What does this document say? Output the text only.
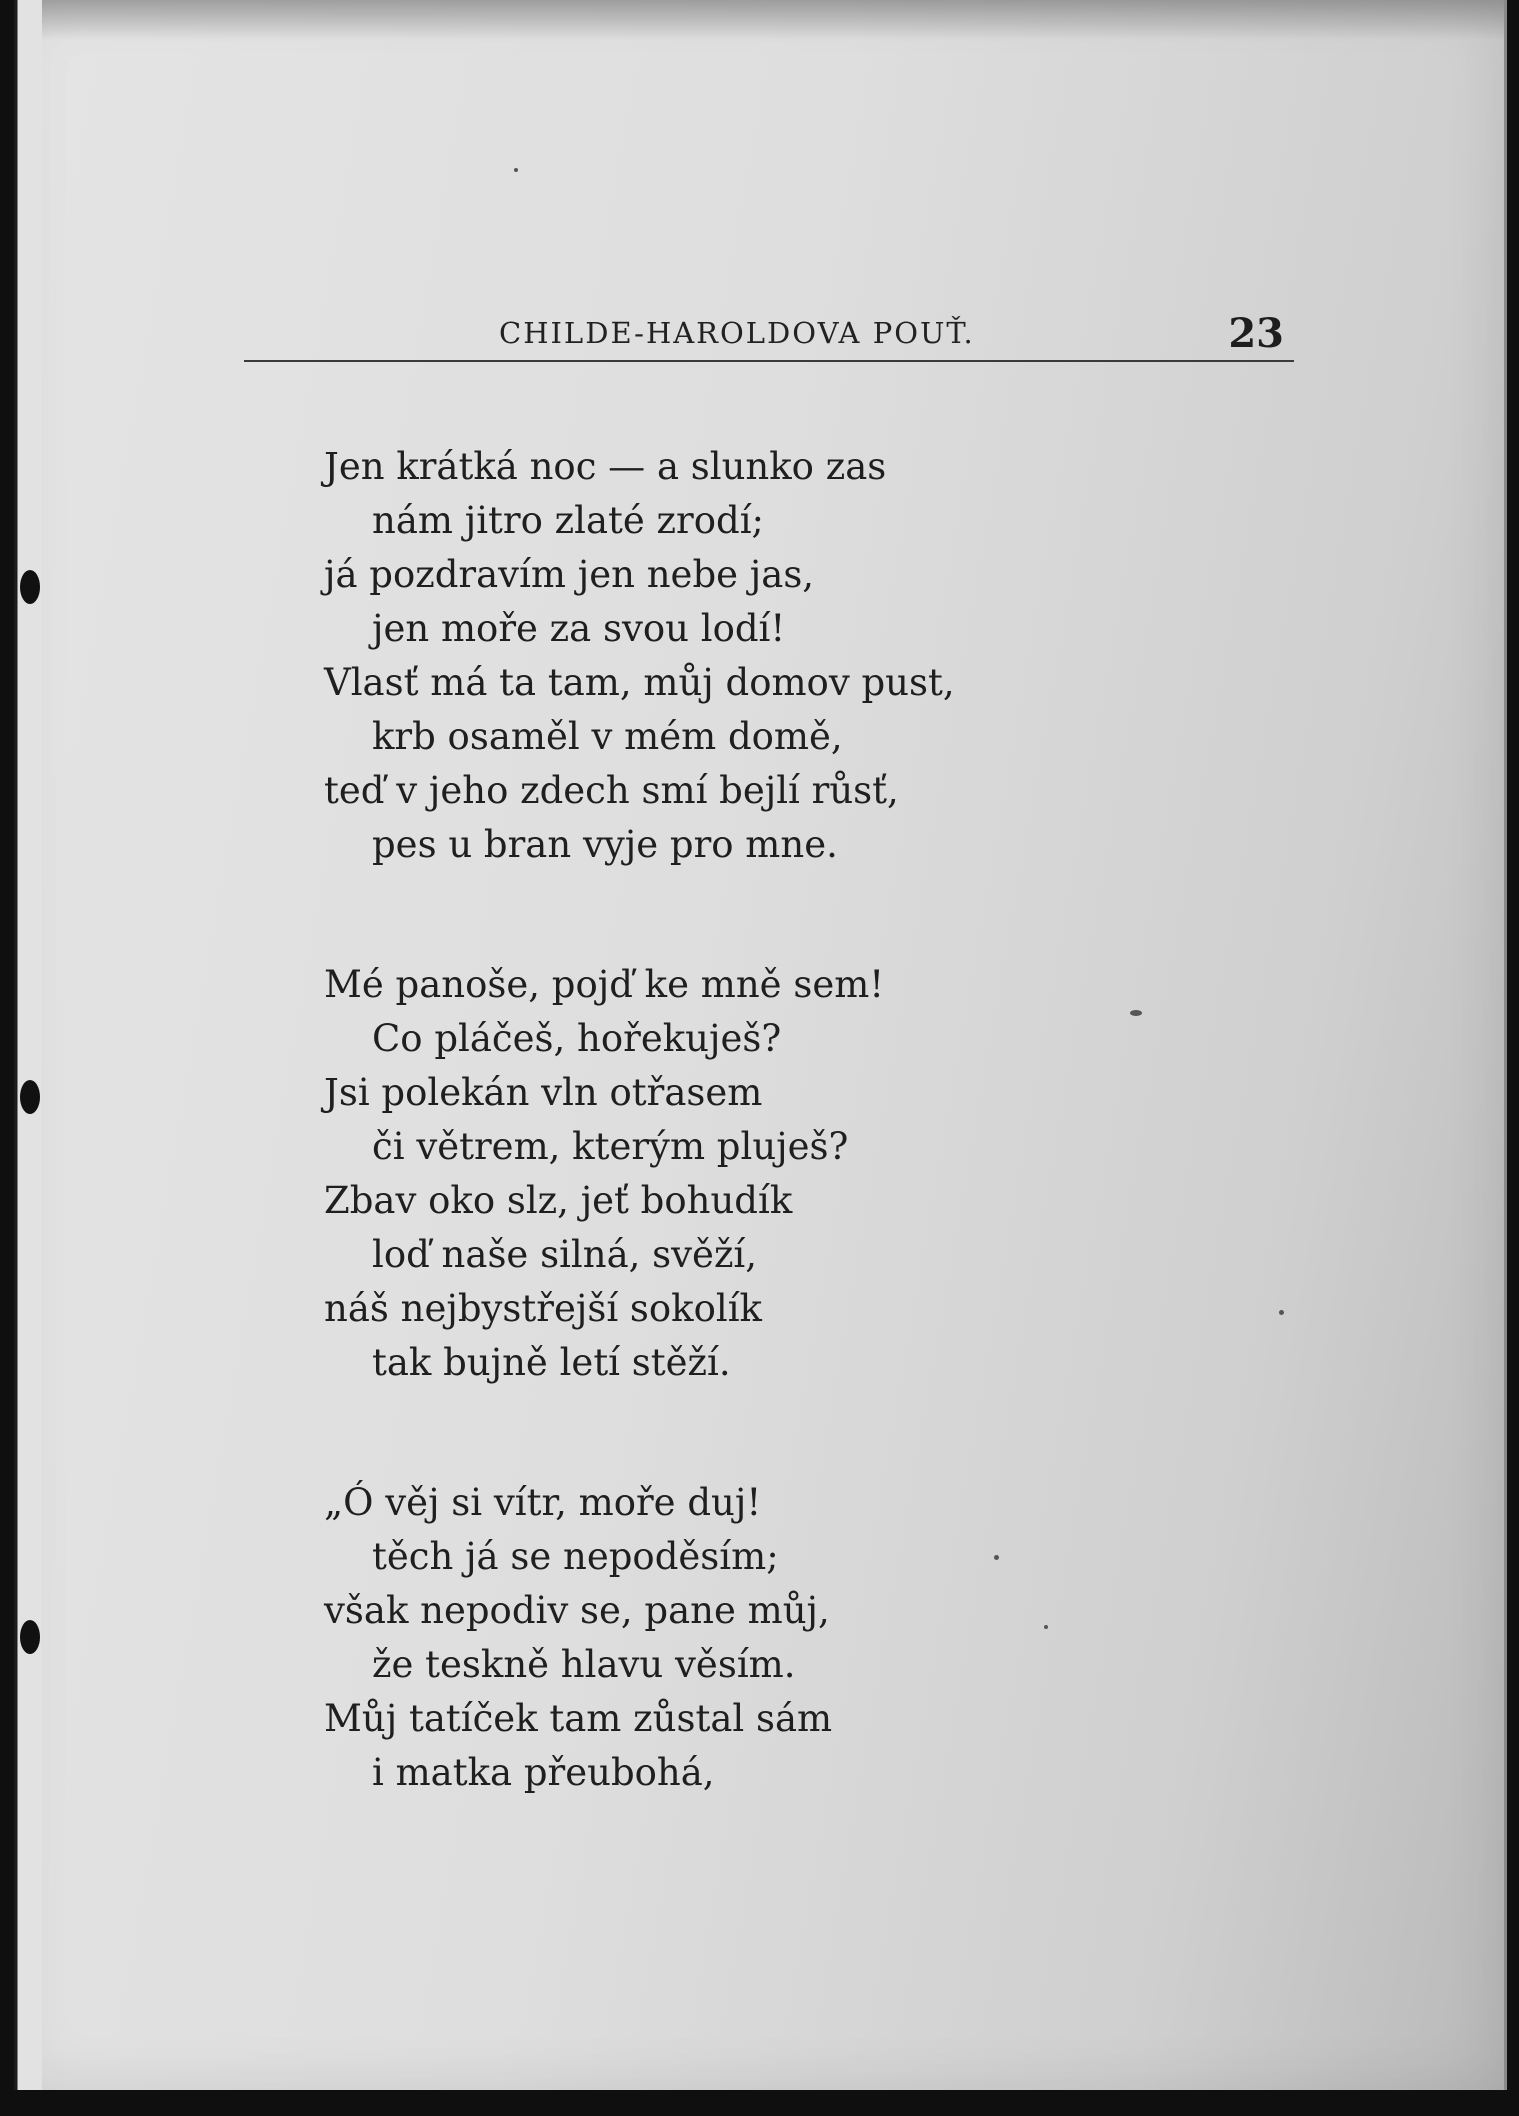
CHILDE-HAROLDOVA POUŤ.	23
Jen krátká noc — a slunko zas
nám jitro zlaté zrodí;
já pozdravím jen nebe jas,
jen moře za svou lodí!
Vlasť má ta tam, můj domov pust,
krb osaměl v mém domě,
teď v jeho zdech smí bejlí růsť,
pes u bran vyje pro mne.
Mé panoše, pojď ke mně sem!
Co pláčeš, hořekuješ?
Jsi polekán vln otřasem
či větrem, kterým pluješ?
Zbav oko slz, jeť bohudík
loď naše silná, svěží,
náš nejbystřejší sokolík
tak bujně letí stěží.
„Ó věj si vítr, moře duj!
těch já se nepoděsím;
však nepodiv se, pane můj,
že teskně hlavu věsím.
Můj tatíček tam zůstal sám
i matka přeubohá,
